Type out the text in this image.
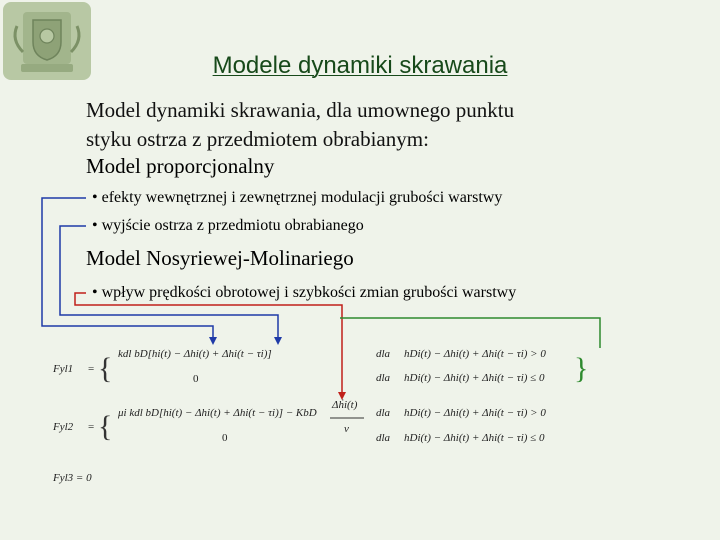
Modele dynamiki skrawania
Model dynamiki skrawania, dla umownego punktu
styku ostrza z przedmiotem obrabianym:
Model proporcjonalny
• efekty wewnętrznej i zewnętrznej modulacji grubości warstwy
• wyjście ostrza z przedmiotu obrabianego
Model Nosyriewej-Molinariego
• wpływ prędkości obrotowej i szybkości zmian grubości warstwy
}
Fyl1 = { kdl bD[hi(t) − Δhi(t) + Δhi(t − τi)]
0
Fyl2 = { μi kdl bD[hi(t) − Δhi(t) + Δhi(t − τi)] − KbD
Δḣi(t)
v
0
Fyl3 = 0
dla hDi(t) − Δhi(t) + Δhi(t − τi) > 0
dla hDi(t) − Δhi(t) + Δhi(t − τi) ≤ 0
dla hDi(t) − Δhi(t) + Δhi(t − τi) > 0
dla hDi(t) − Δhi(t) + Δhi(t − τi) ≤ 0
